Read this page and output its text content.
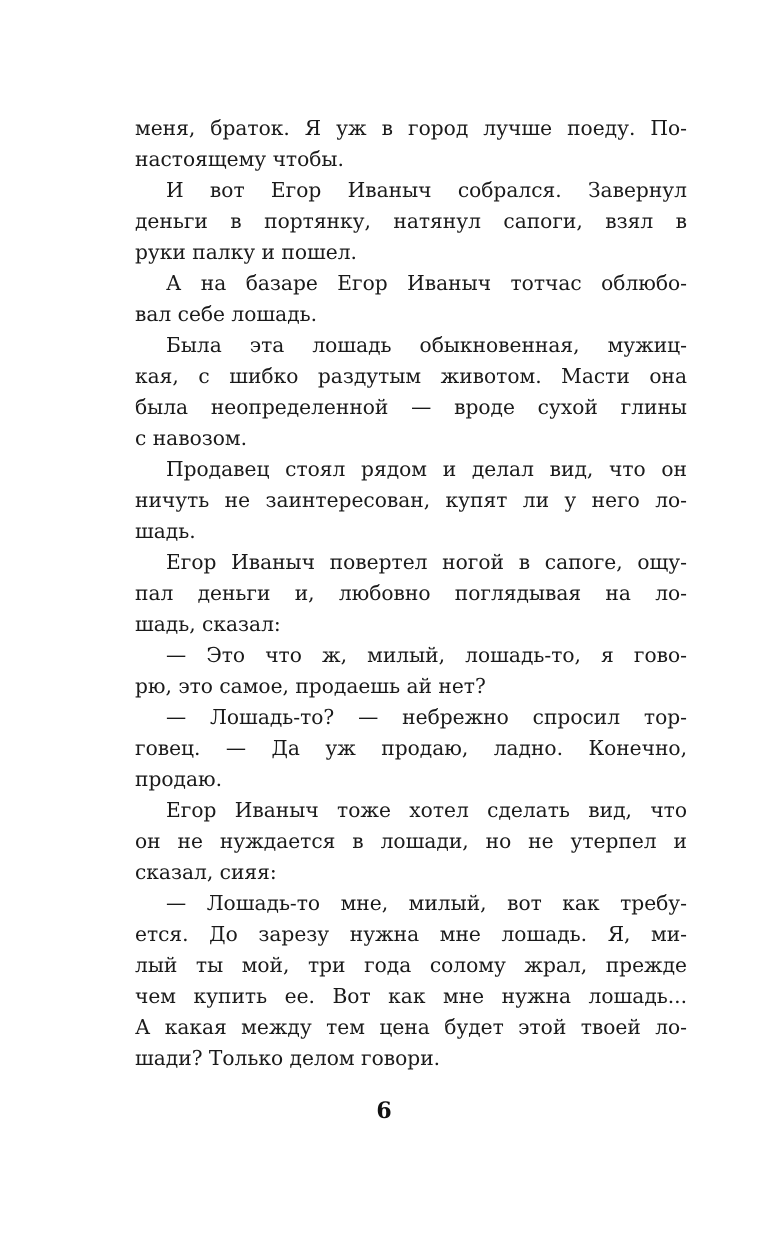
меня, браток. Я уж в город лучше поеду. По-
настоящему чтобы.
И вот Егор Иваныч собрался. Завернул
деньги в портянку, натянул сапоги, взял в
руки палку и пошел.
А на базаре Егор Иваныч тотчас облюбо-
вал себе лошадь.
Была эта лошадь обыкновенная, мужиц-
кая, с шибко раздутым животом. Масти она
была неопределенной — вроде сухой глины
с навозом.
Продавец стоял рядом и делал вид, что он
ничуть не заинтересован, купят ли у него ло-
шадь.
Егор Иваныч повертел ногой в сапоге, ощу-
пал деньги и, любовно поглядывая на ло-
шадь, сказал:
— Это что ж, милый, лошадь-то, я гово-
рю, это самое, продаешь ай нет?
— Лошадь-то? — небрежно спросил тор-
говец. — Да уж продаю, ладно. Конечно,
продаю.
Егор Иваныч тоже хотел сделать вид, что
он не нуждается в лошади, но не утерпел и
сказал, сияя:
— Лошадь-то мне, милый, вот как требу-
ется. До зарезу нужна мне лошадь. Я, ми-
лый ты мой, три года солому жрал, прежде
чем купить ее. Вот как мне нужна лошадь...
А какая между тем цена будет этой твоей ло-
шади? Только делом говори.
6
